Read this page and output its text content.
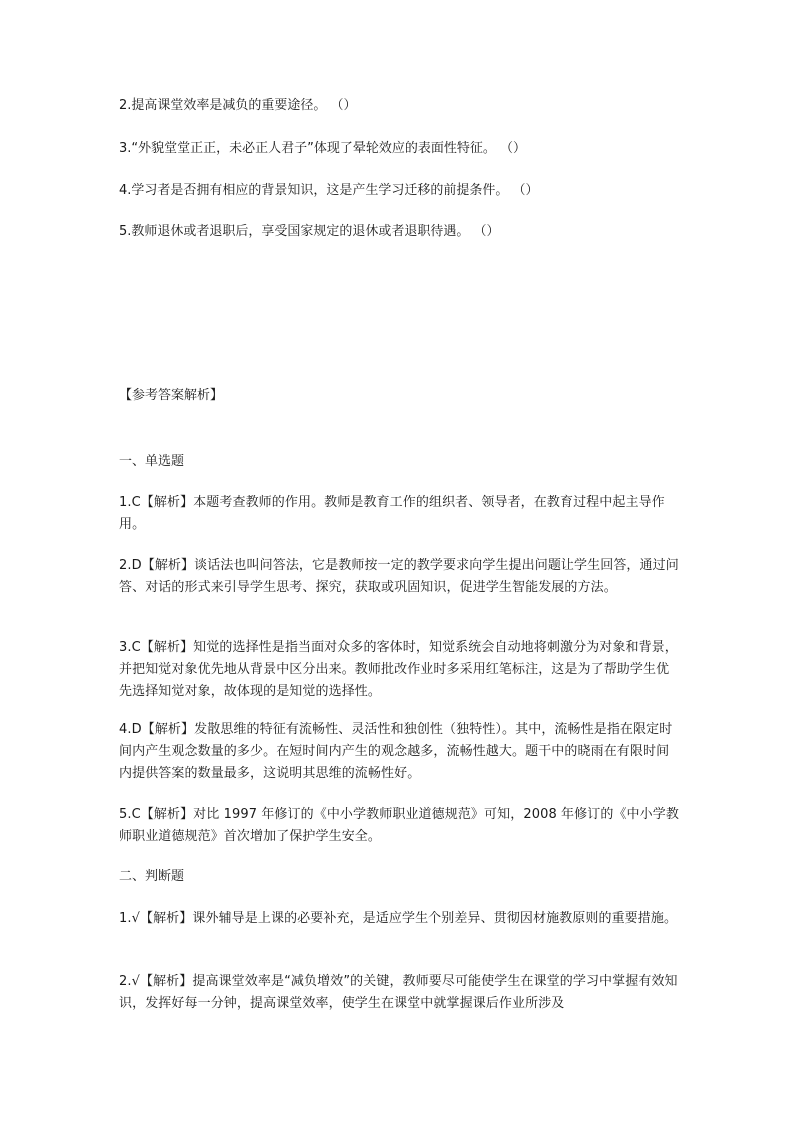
2.提高课堂效率是减负的重要途径。 （）
3.“外貌堂堂正正，未必正人君子”体现了晕轮效应的表面性特征。 （）
4.学习者是否拥有相应的背景知识，这是产生学习迁移的前提条件。 （）
5.教师退休或者退职后，享受国家规定的退休或者退职待遇。 （）
【参考答案解析】
一、单选题
1.C【解析】本题考查教师的作用。教师是教育工作的组织者、领导者，在教育过程中起主导作用。
2.D【解析】谈话法也叫问答法，它是教师按一定的教学要求向学生提出问题让学生回答，通过问答、对话的形式来引导学生思考、探究，获取或巩固知识，促进学生智能发展的方法。
3.C【解析】知觉的选择性是指当面对众多的客体时，知觉系统会自动地将刺激分为对象和背景，并把知觉对象优先地从背景中区分出来。教师批改作业时多采用红笔标注，这是为了帮助学生优先选择知觉对象，故体现的是知觉的选择性。
4.D【解析】发散思维的特征有流畅性、灵活性和独创性（独特性）。其中，流畅性是指在限定时间内产生观念数量的多少。在短时间内产生的观念越多，流畅性越大。题干中的晓雨在有限时间内提供答案的数量最多，这说明其思维的流畅性好。
5.C【解析】对比 1997 年修订的《中小学教师职业道德规范》可知，2008 年修订的《中小学教师职业道德规范》首次增加了保护学生安全。
二、判断题
1.√【解析】课外辅导是上课的必要补充，是适应学生个别差异、贯彻因材施教原则的重要措施。
2.√【解析】提高课堂效率是“减负增效”的关键，教师要尽可能使学生在课堂的学习中掌握有效知识，发挥好每一分钟，提高课堂效率，使学生在课堂中就掌握课后作业所涉及
